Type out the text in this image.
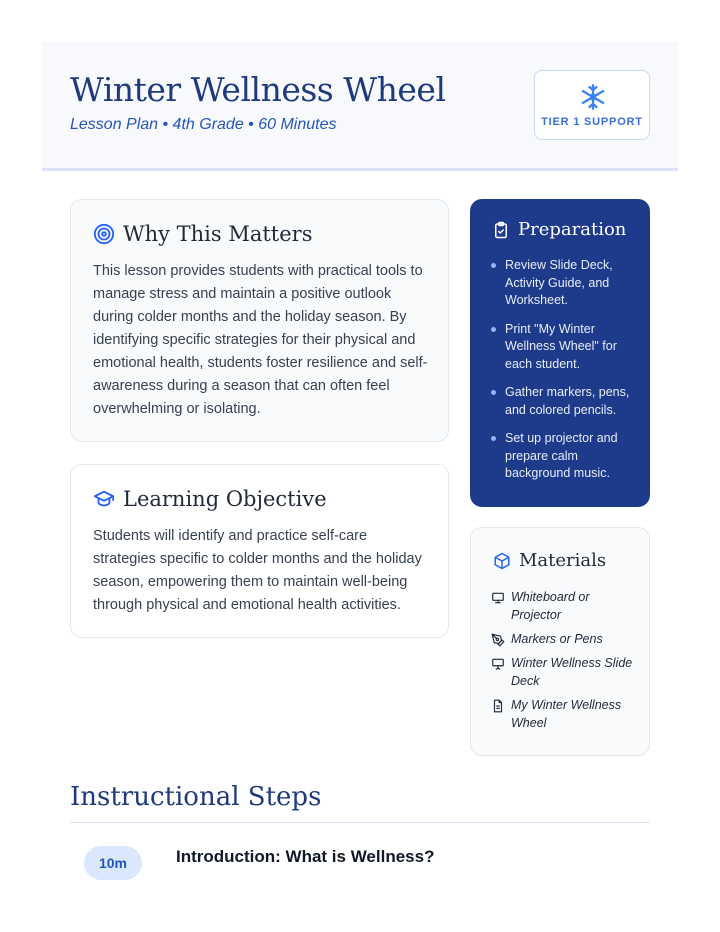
Winter Wellness Wheel
Lesson Plan • 4th Grade • 60 Minutes	TIER 1 SUPPORT
Why This Matters
This lesson provides students with practical tools to manage stress and maintain a positive outlook during colder months and the holiday season. By identifying specific strategies for their physical and emotional health, students foster resilience and self-awareness during a season that can often feel overwhelming or isolating.
Learning Objective
Students will identify and practice self-care strategies specific to colder months and the holiday season, empowering them to maintain well-being through physical and emotional health activities.
Preparation
Review Slide Deck, Activity Guide, and Worksheet.
Print "My Winter Wellness Wheel" for each student.
Gather markers, pens, and colored pencils.
Set up projector and prepare calm background music.
Materials
Whiteboard or Projector
Markers or Pens
Winter Wellness Slide Deck
My Winter Wellness Wheel
Instructional Steps
10m	Introduction: What is Wellness?
